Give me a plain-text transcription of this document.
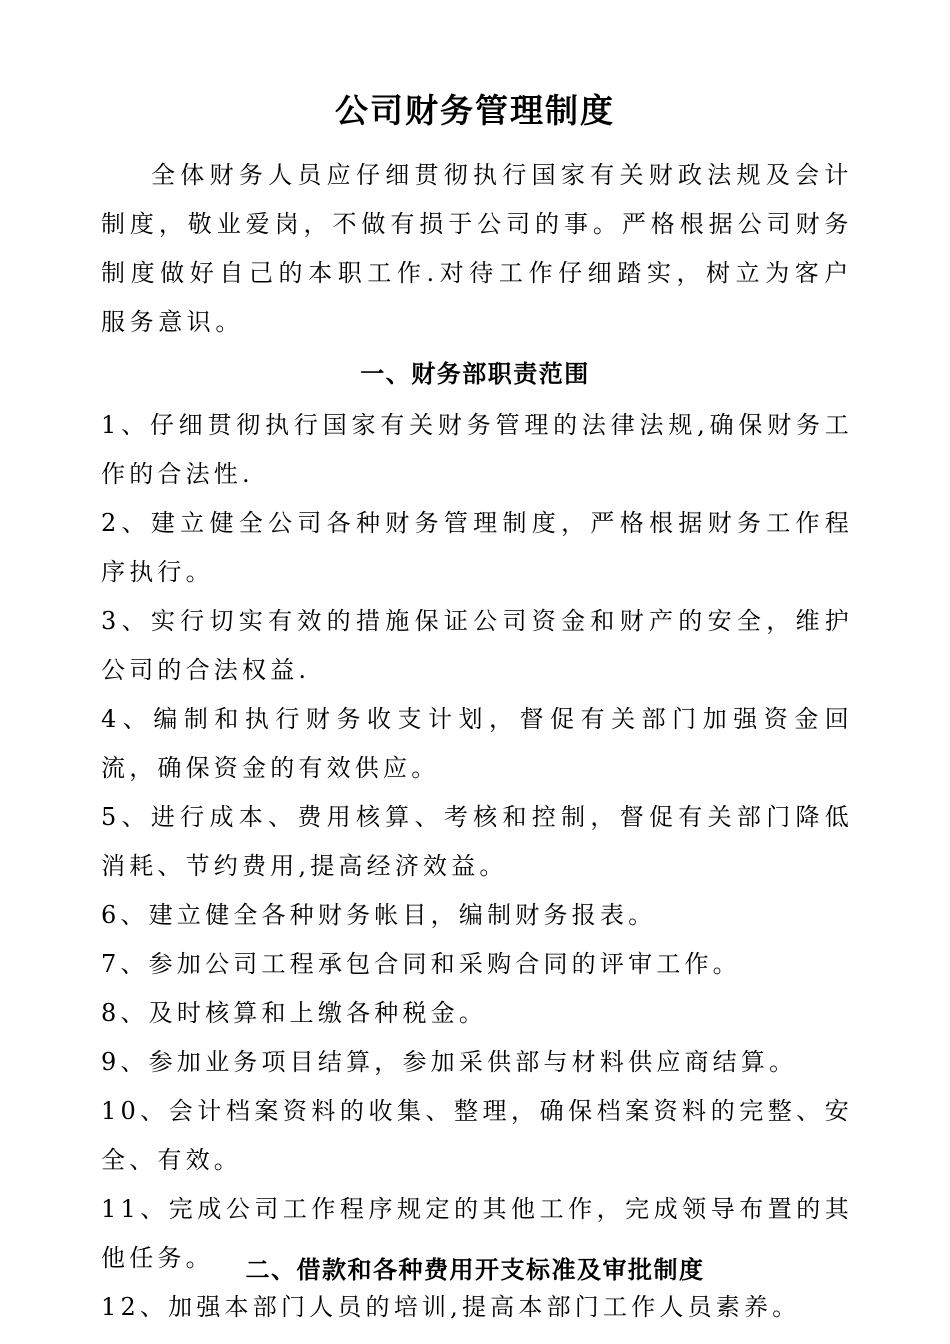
公司财务管理制度

全体财务人员应仔细贯彻执行国家有关财政法规及会计制度，敬业爱岗，不做有损于公司的事。严格根据公司财务制度做好自己的本职工作.对待工作仔细踏实，树立为客户服务意识。

一、财务部职责范围
1、仔细贯彻执行国家有关财务管理的法律法规,确保财务工作的合法性.
2、建立健全公司各种财务管理制度，严格根据财务工作程序执行。
3、实行切实有效的措施保证公司资金和财产的安全，维护公司的合法权益.
4、编制和执行财务收支计划，督促有关部门加强资金回流，确保资金的有效供应。
5、进行成本、费用核算、考核和控制，督促有关部门降低消耗、节约费用,提高经济效益。
6、建立健全各种财务帐目，编制财务报表。
7、参加公司工程承包合同和采购合同的评审工作。
8、及时核算和上缴各种税金。
9、参加业务项目结算，参加采供部与材料供应商结算。
10、会计档案资料的收集、整理，确保档案资料的完整、安全、有效。
11、完成公司工作程序规定的其他工作，完成领导布置的其他任务。
12、加强本部门人员的培训,提高本部门工作人员素养。
二、借款和各种费用开支标准及审批制度
